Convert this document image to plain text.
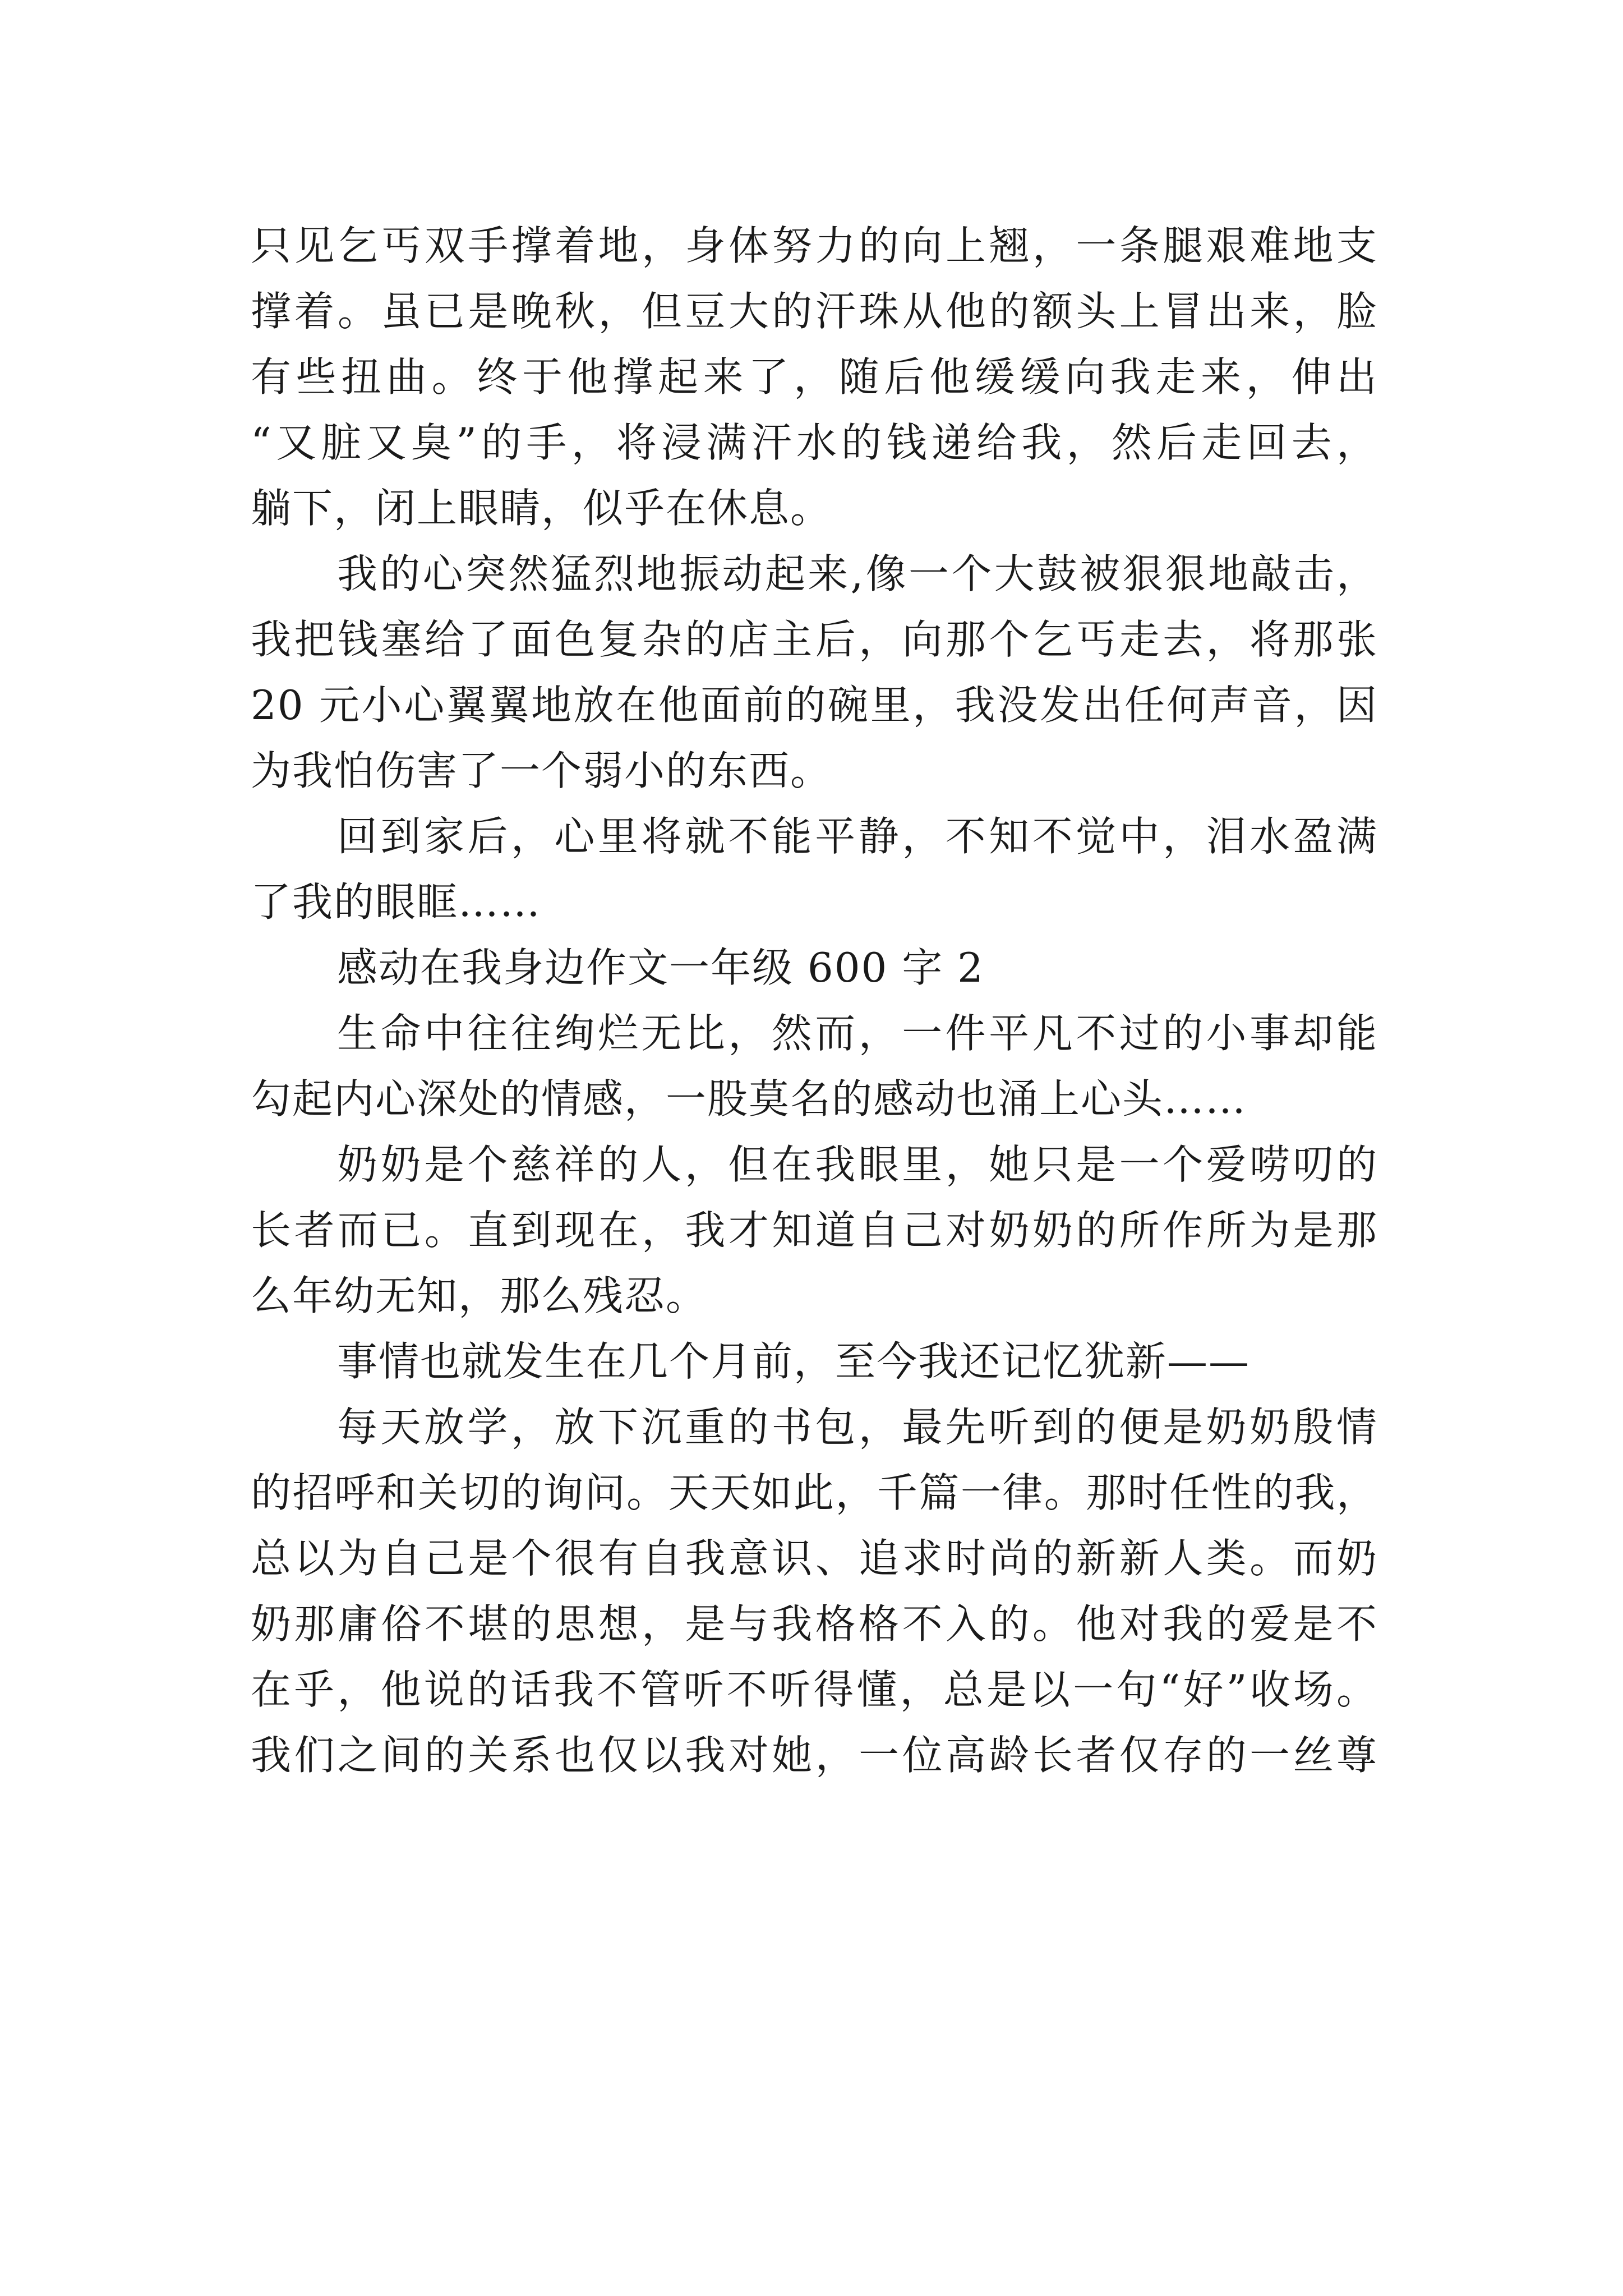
只见乞丐双手撑着地，身体努力的向上翘，一条腿艰难地支
撑着。虽已是晚秋，但豆大的汗珠从他的额头上冒出来，脸
有些扭曲。终于他撑起来了，随后他缓缓向我走来，伸出
“又脏又臭”的手，将浸满汗水的钱递给我，然后走回去，
躺下，闭上眼睛，似乎在休息。
我的心突然猛烈地振动起来,像一个大鼓被狠狠地敲击，
我把钱塞给了面色复杂的店主后，向那个乞丐走去，将那张
20 元小心翼翼地放在他面前的碗里，我没发出任何声音，因
为我怕伤害了一个弱小的东西。
回到家后，心里将就不能平静，不知不觉中，泪水盈满
了我的眼眶……
感动在我身边作文一年级 600 字 2
生命中往往绚烂无比，然而，一件平凡不过的小事却能
勾起内心深处的情感，一股莫名的感动也涌上心头……
奶奶是个慈祥的人，但在我眼里，她只是一个爱唠叨的
长者而已。直到现在，我才知道自己对奶奶的所作所为是那
么年幼无知，那么残忍。
事情也就发生在几个月前，至今我还记忆犹新——
每天放学，放下沉重的书包，最先听到的便是奶奶殷情
的招呼和关切的询问。天天如此，千篇一律。那时任性的我，
总以为自己是个很有自我意识、追求时尚的新新人类。而奶
奶那庸俗不堪的思想，是与我格格不入的。他对我的爱是不
在乎，他说的话我不管听不听得懂，总是以一句“好”收场。
我们之间的关系也仅以我对她，一位高龄长者仅存的一丝尊
